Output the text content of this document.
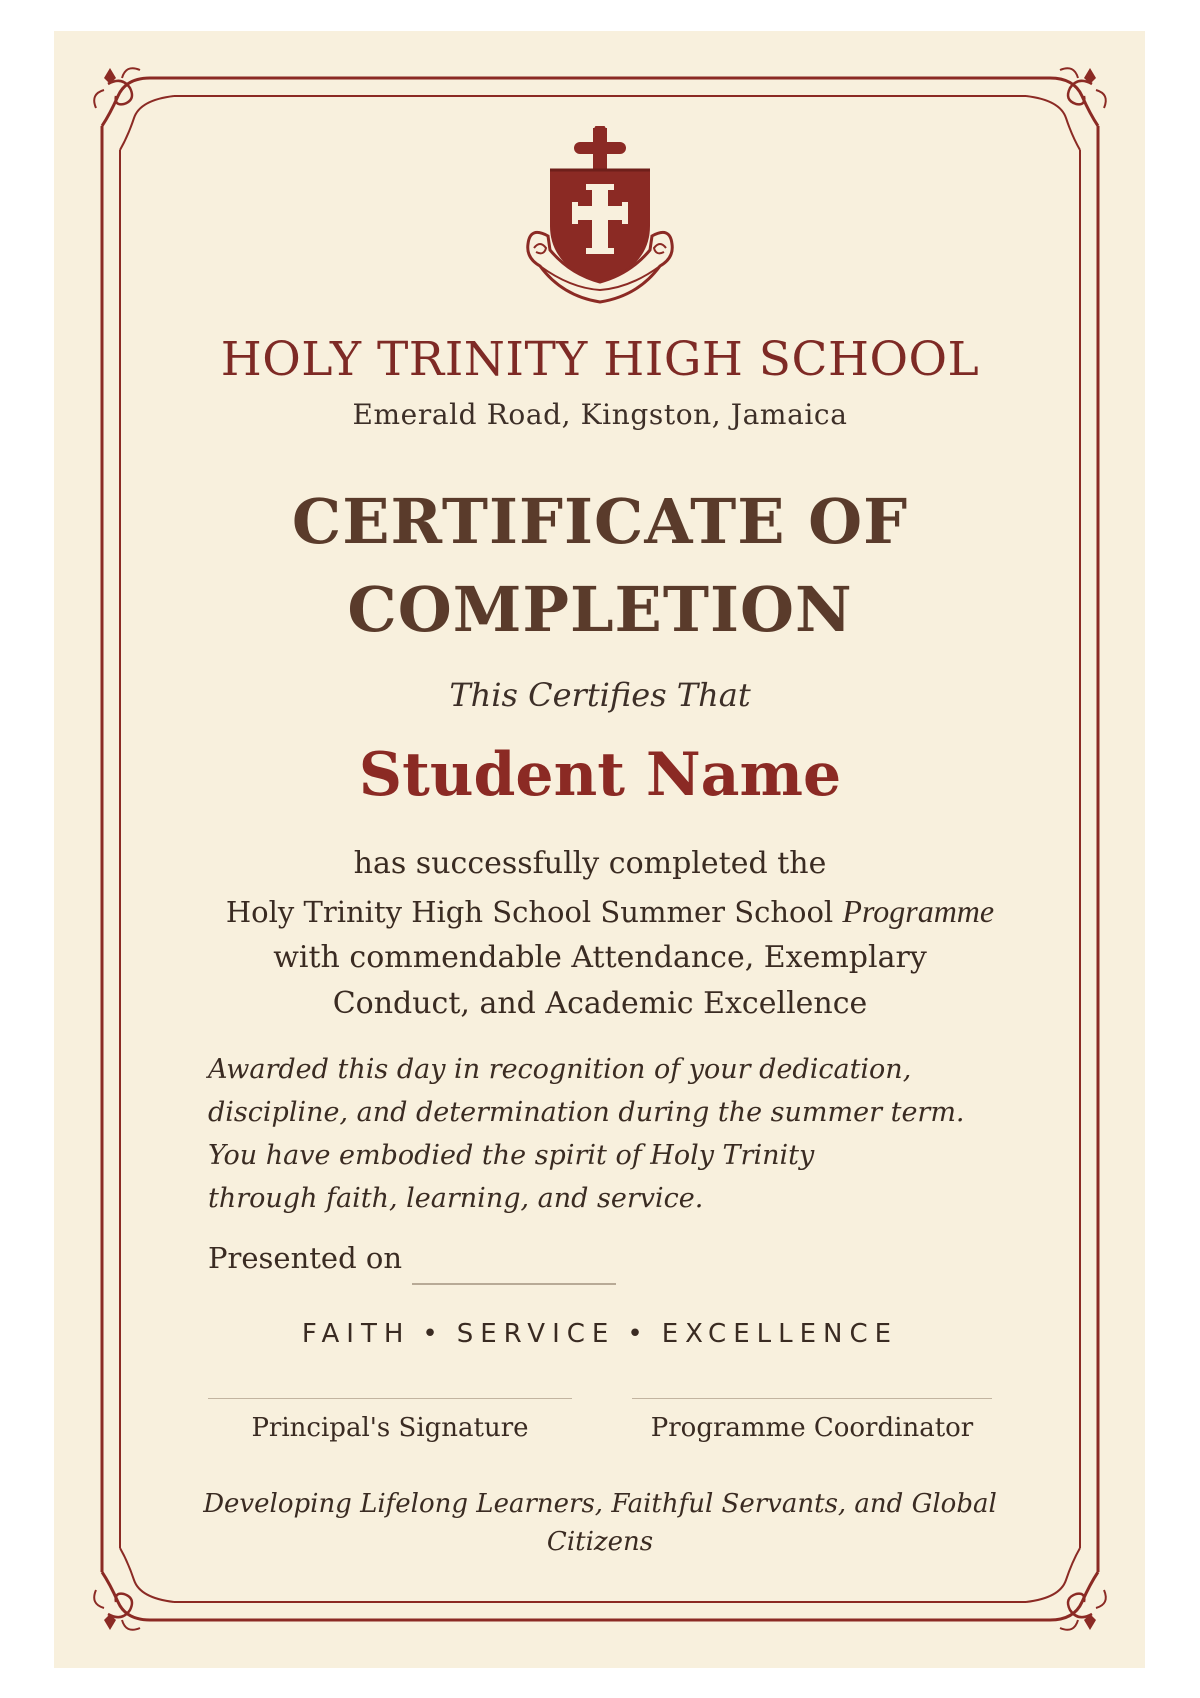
HOLY TRINITY HIGH SCHOOL
Emerald Road, Kingston, Jamaica
CERTIFICATE OF
COMPLETION
This Certifies That
Student Name
has successfully completed the
Holy Trinity High School Summer School Programme
with commendable Attendance, Exemplary
Conduct, and Academic Excellence
Awarded this day in recognition of your dedication,
discipline, and determination during the summer term.
You have embodied the spirit of Holy Trinity
through faith, learning, and service.
Presented on
FAITH • SERVICE • EXCELLENCE
Principal's Signature	Programme Coordinator
Developing Lifelong Learners, Faithful Servants, and Global
Citizens
